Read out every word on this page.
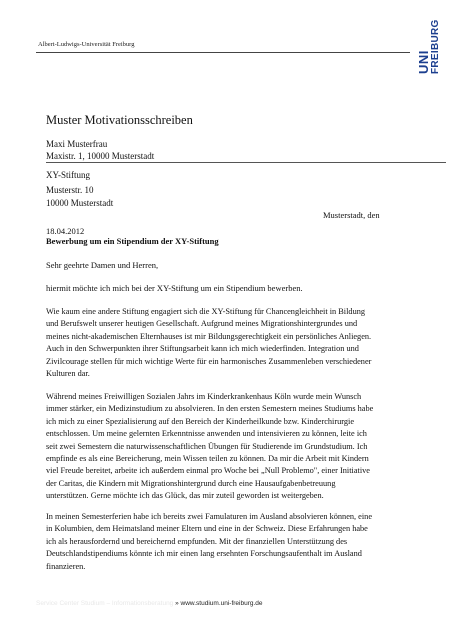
Albert-Ludwigs-Universität Freiburg
UNI FREIBURG
Muster Motivationsschreiben
Maxi Musterfrau
Maxistr. 1, 10000 Musterstadt
XY-Stiftung
Musterstr. 10
10000 Musterstadt
Musterstadt, den
18.04.2012
Bewerbung um ein Stipendium der XY-Stiftung
Sehr geehrte Damen und Herren,
hiermit möchte ich mich bei der XY-Stiftung um ein Stipendium bewerben.

Wie kaum eine andere Stiftung engagiert sich die XY-Stiftung für Chancengleichheit in Bildung
und Berufswelt unserer heutigen Gesellschaft. Aufgrund meines Migrationshintergrundes und
meines nicht-akademischen Elternhauses ist mir Bildungsgerechtigkeit ein persönliches Anliegen.
Auch in den Schwerpunkten ihrer Stiftungsarbeit kann ich mich wiederfinden. Integration und
Zivilcourage stellen für mich wichtige Werte für ein harmonisches Zusammenleben verschiedener
Kulturen dar.

Während meines Freiwilligen Sozialen Jahrs im Kinderkrankenhaus Köln wurde mein Wunsch
immer stärker, ein Medizinstudium zu absolvieren. In den ersten Semestern meines Studiums habe
ich mich zu einer Spezialisierung auf den Bereich der Kinderheilkunde bzw. Kinderchirurgie
entschlossen. Um meine gelernten Erkenntnisse anwenden und intensivieren zu können, leite ich
seit zwei Semestern die naturwissenschaftlichen Übungen für Studierende im Grundstudium. Ich
empfinde es als eine Bereicherung, mein Wissen teilen zu können. Da mir die Arbeit mit Kindern
viel Freude bereitet, arbeite ich außerdem einmal pro Woche bei „Null Problemo", einer Initiative
der Caritas, die Kindern mit Migrationshintergrund durch eine Hausaufgabenbetreuung
unterstützen. Gerne möchte ich das Glück, das mir zuteil geworden ist weitergeben.

In meinen Semesterferien habe ich bereits zwei Famulaturen im Ausland absolvieren können, eine
in Kolumbien, dem Heimatsland meiner Eltern und eine in der Schweiz. Diese Erfahrungen habe
ich als herausfordernd und bereichernd empfunden. Mit der finanziellen Unterstützung des
Deutschlandstipendiums könnte ich mir einen lang ersehnten Forschungsaufenthalt im Ausland
finanzieren.

Service Center Studium – Informationsberatung » www.studium.uni-freiburg.de
